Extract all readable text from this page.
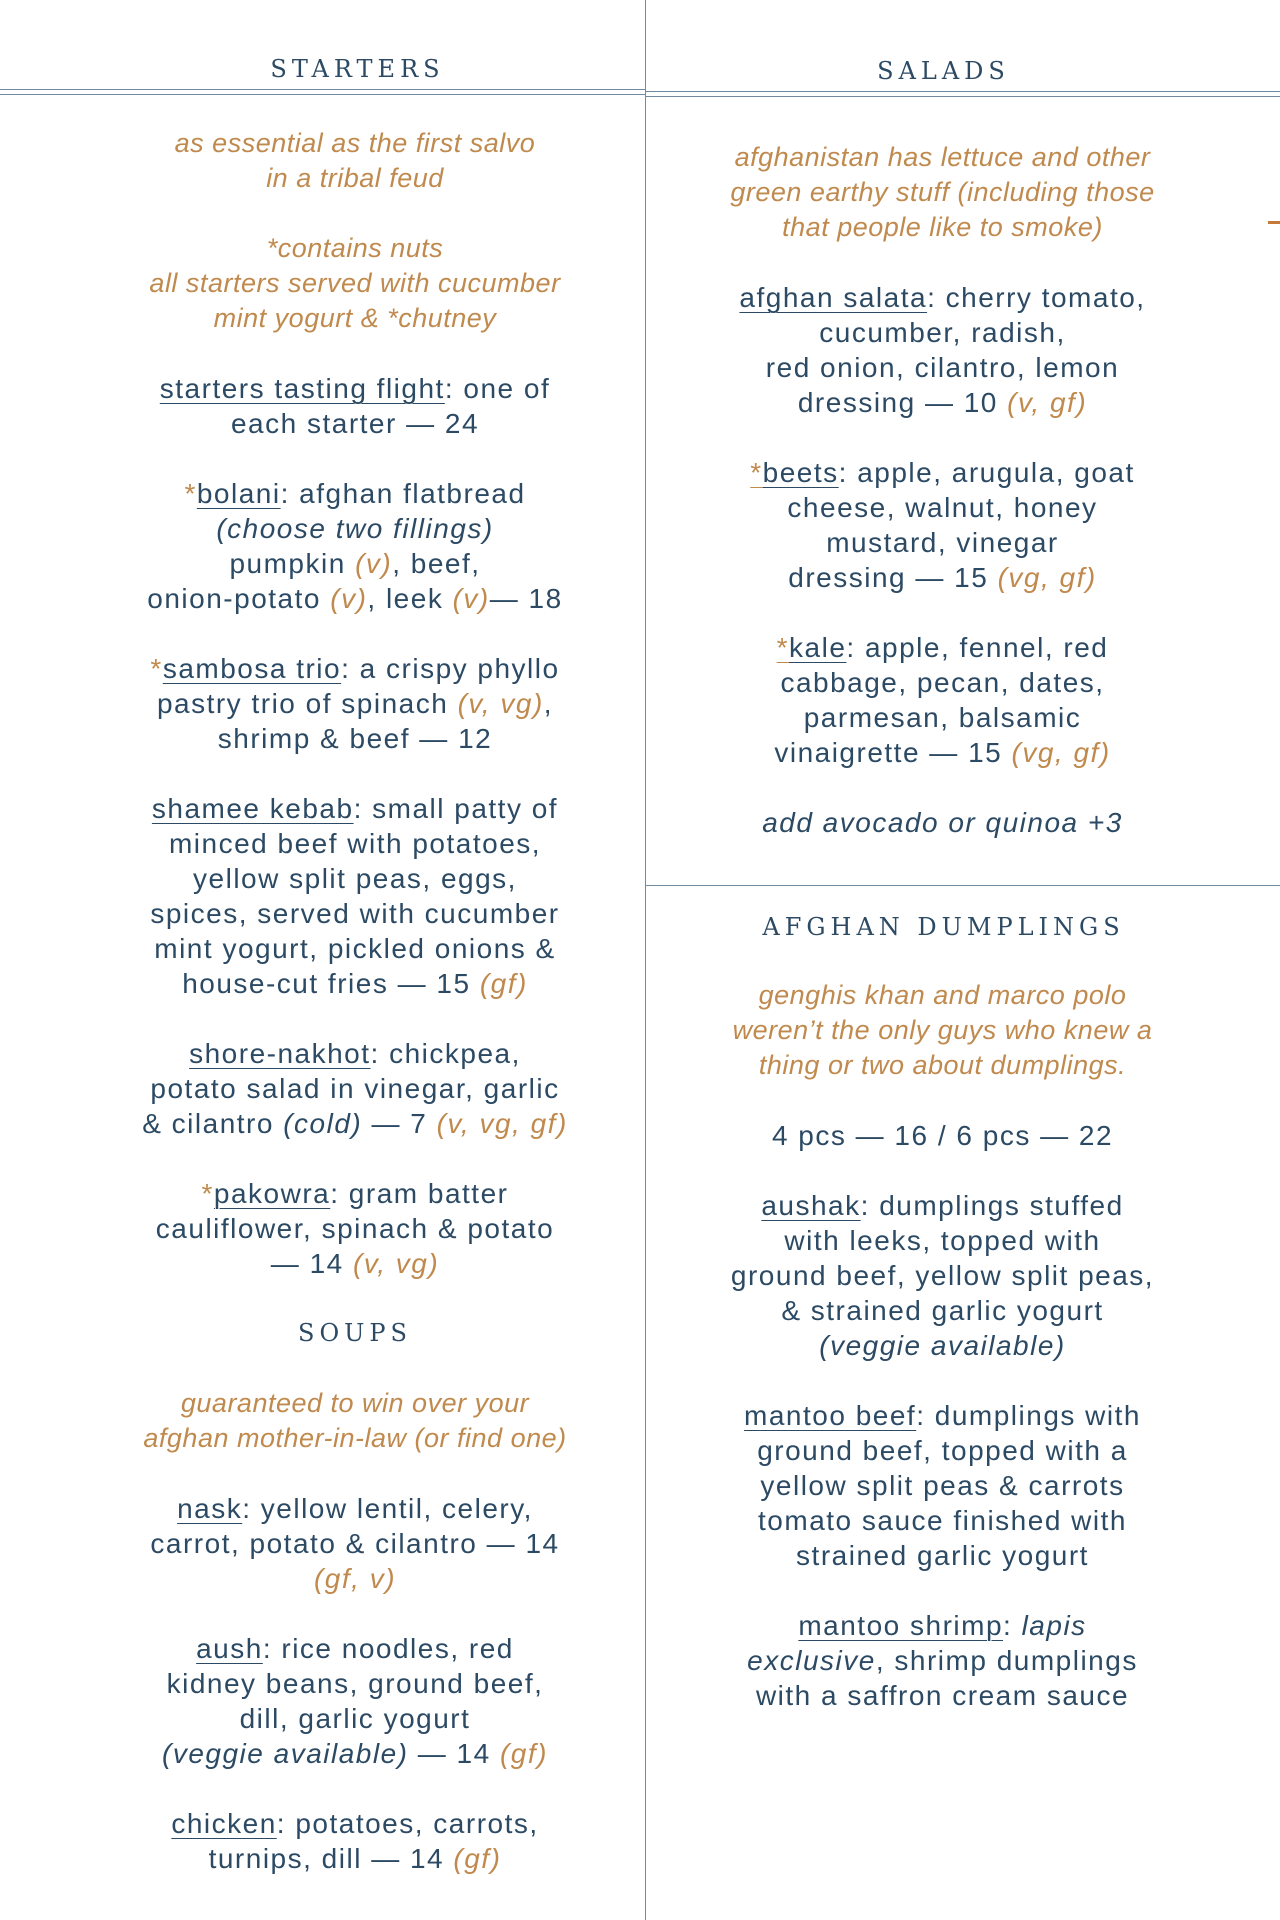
STARTERS	SALADS
AFGHAN DUMPLINGS
as essential as the first salvo
in a tribal feud
*contains nuts
all starters served with cucumber
mint yogurt & *chutney
starters tasting flight: one of
each starter — 24
*bolani: afghan flatbread
(choose two fillings)
pumpkin (v), beef,
onion-potato (v), leek (v)— 18
*sambosa trio: a crispy phyllo
pastry trio of spinach (v, vg),
shrimp & beef — 12
shamee kebab: small patty of
minced beef with potatoes,
yellow split peas, eggs,
spices, served with cucumber
mint yogurt, pickled onions &
house-cut fries — 15 (gf)
shore-nakhot: chickpea,
potato salad in vinegar, garlic
& cilantro (cold) — 7 (v, vg, gf)
*pakowra: gram batter
cauliflower, spinach & potato
— 14 (v, vg)
SOUPS
guaranteed to win over your
afghan mother-in-law (or find one)
nask: yellow lentil, celery,
carrot, potato & cilantro — 14
(gf, v)
aush: rice noodles, red
kidney beans, ground beef,
dill, garlic yogurt
(veggie available) — 14 (gf)
chicken: potatoes, carrots,
turnips, dill — 14 (gf)
afghanistan has lettuce and other
green earthy stuff (including those
that people like to smoke)
afghan salata: cherry tomato,
cucumber, radish,
red onion, cilantro, lemon
dressing — 10 (v, gf)
*beets: apple, arugula, goat
cheese, walnut, honey
mustard, vinegar
dressing — 15 (vg, gf)
*kale: apple, fennel, red
cabbage, pecan, dates,
parmesan, balsamic
vinaigrette — 15 (vg, gf)
add avocado or quinoa +3
genghis khan and marco polo
weren’t the only guys who knew a
thing or two about dumplings.
4 pcs — 16 / 6 pcs — 22
aushak: dumplings stuffed
with leeks, topped with
ground beef, yellow split peas,
& strained garlic yogurt
(veggie available)
mantoo beef: dumplings with
ground beef, topped with a
yellow split peas & carrots
tomato sauce finished with
strained garlic yogurt
mantoo shrimp: lapis
exclusive, shrimp dumplings
with a saffron cream sauce
